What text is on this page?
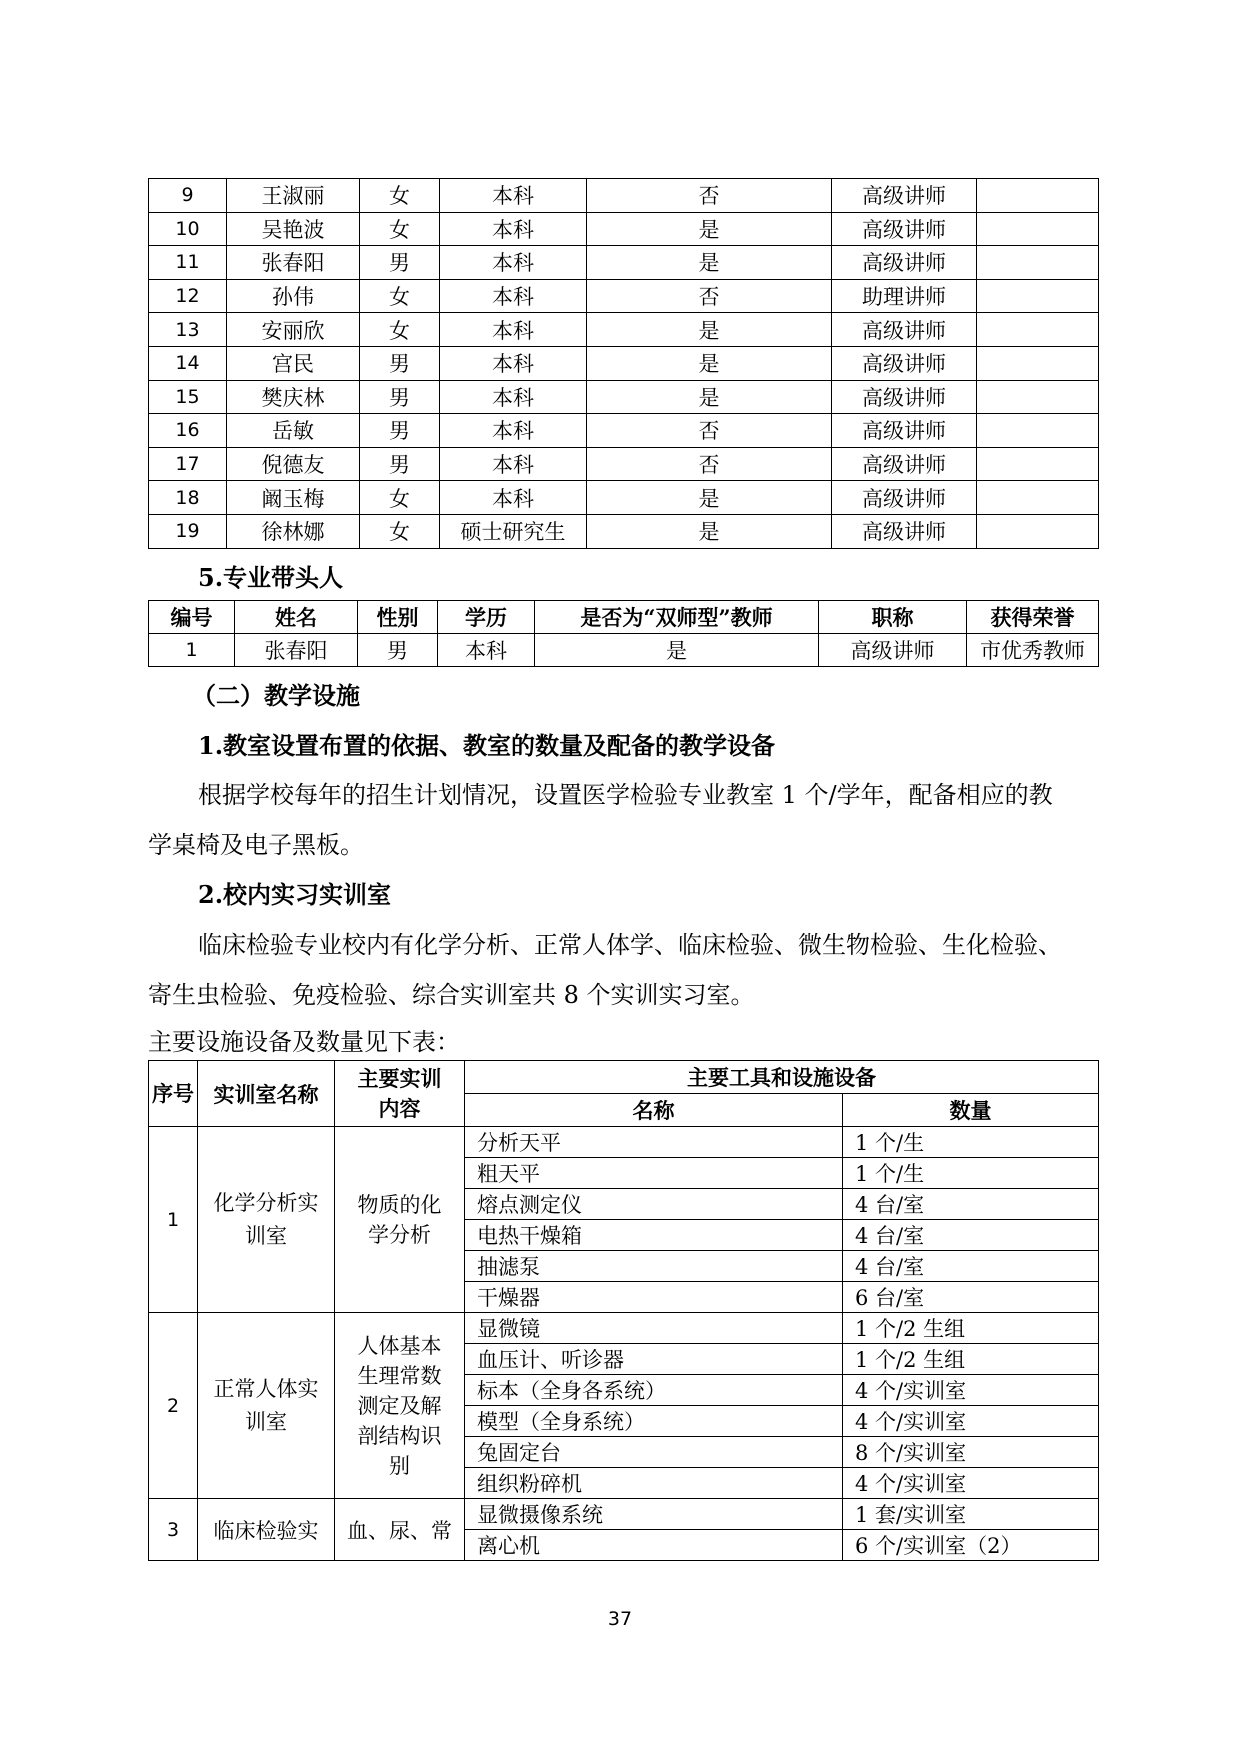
9	王淑丽	女	本科	否	高级讲师	
10	吴艳波	女	本科	是	高级讲师	
11	张春阳	男	本科	是	高级讲师	
12	孙伟	女	本科	否	助理讲师	
13	安丽欣	女	本科	是	高级讲师	
14	宫民	男	本科	是	高级讲师	
15	樊庆林	男	本科	是	高级讲师	
16	岳敏	男	本科	否	高级讲师	
17	倪德友	男	本科	否	高级讲师	
18	阚玉梅	女	本科	是	高级讲师	
19	徐林娜	女	硕士研究生	是	高级讲师	
5.专业带头人
编号	姓名	性别	学历	是否为“双师型”教师	职称	获得荣誉
1	张春阳	男	本科	是	高级讲师	市优秀教师
（二）教学设施
1.教室设置布置的依据、教室的数量及配备的教学设备
根据学校每年的招生计划情况，设置医学检验专业教室 1 个/学年，配备相应的教
学桌椅及电子黑板。
2.校内实习实训室
临床检验专业校内有化学分析、正常人体学、临床检验、微生物检验、生化检验、
寄生虫检验、免疫检验、综合实训室共 8 个实训实习室。
主要设施设备及数量见下表：
序号	实训室名称	主要实训内容	主要工具和设施设备	
			名称	数量
1	化学分析实训室	物质的化学分析	分析天平	1 个/生
			粗天平	1 个/生
			熔点测定仪	4 台/室
			电热干燥箱	4 台/室
			抽滤泵	4 台/室
			干燥器	6 台/室
2	正常人体实训室	人体基本生理常数测定及解剖结构识别	显微镜	1 个/2 生组
			血压计、听诊器	1 个/2 生组
			标本（全身各系统）	4 个/实训室
			模型（全身系统）	4 个/实训室
			兔固定台	8 个/实训室
			组织粉碎机	4 个/实训室
3	临床检验实	血、尿、常	显微摄像系统	1 套/实训室
			离心机	6 个/实训室（2）
37
